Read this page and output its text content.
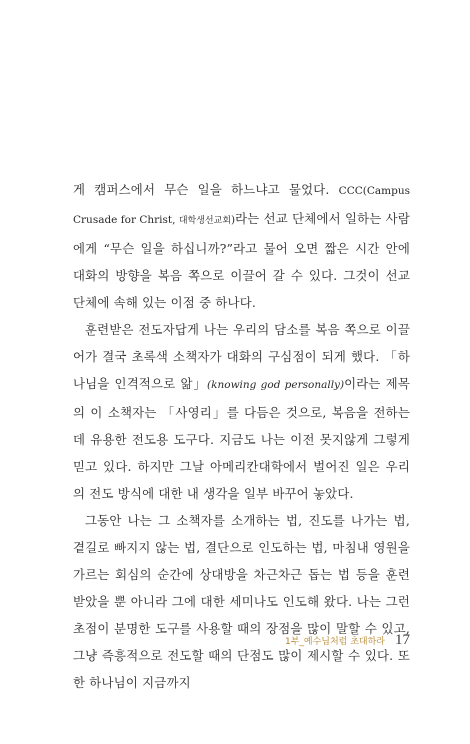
게 캠퍼스에서 무슨 일을 하느냐고 물었다. CCC(Campus Crusade for Christ, 대학생선교회)라는 선교 단체에서 일하는 사람에게 “무슨 일을 하십니까?”라고 물어 오면 짧은 시간 안에 대화의 방향을 복음 쪽으로 이끌어 갈 수 있다. 그것이 선교 단체에 속해 있는 이점 중 하나다.

훈련받은 전도자답게 나는 우리의 담소를 복음 쪽으로 이끌어가 결국 초록색 소책자가 대화의 구심점이 되게 했다. 「하나님을 인격적으로 앎」(knowing god personally)이라는 제목의 이 소책자는 「사영리」를 다듬은 것으로, 복음을 전하는 데 유용한 전도용 도구다. 지금도 나는 이전 못지않게 그렇게 믿고 있다. 하지만 그날 아메리칸대학에서 벌어진 일은 우리의 전도 방식에 대한 내 생각을 일부 바꾸어 놓았다.

그동안 나는 그 소책자를 소개하는 법, 진도를 나가는 법, 곁길로 빠지지 않는 법, 결단으로 인도하는 법, 마침내 영원을 가르는 회심의 순간에 상대방을 차근차근 돕는 법 등을 훈련받았을 뿐 아니라 그에 대한 세미나도 인도해 왔다. 나는 그런 초점이 분명한 도구를 사용할 때의 장점을 많이 말할 수 있고, 그냥 즉흥적으로 전도할 때의 단점도 많이 제시할 수 있다. 또한 하나님이 지금까지

1부_예수님처럼 초대하라 17
